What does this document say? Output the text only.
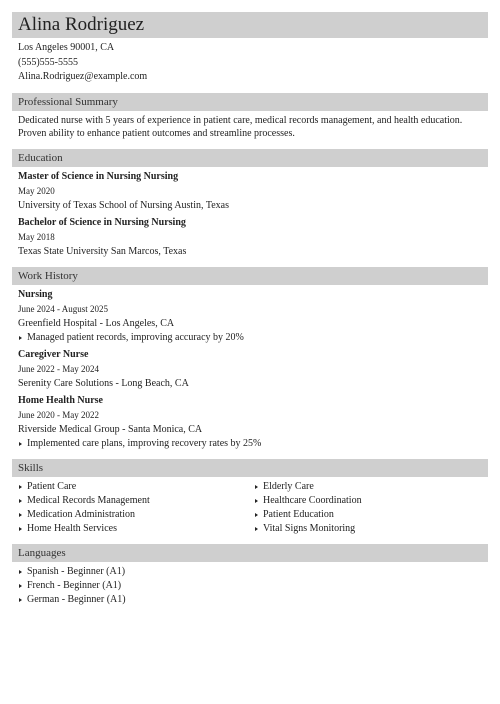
Alina Rodriguez
Los Angeles 90001, CA
(555)555-5555
Alina.Rodriguez@example.com
Professional Summary
Dedicated nurse with 5 years of experience in patient care, medical records management, and health education. Proven ability to enhance patient outcomes and streamline processes.
Education
Master of Science in Nursing Nursing
May 2020
University of Texas School of Nursing Austin, Texas
Bachelor of Science in Nursing Nursing
May 2018
Texas State University San Marcos, Texas
Work History
Nursing
June 2024 - August 2025
Greenfield Hospital - Los Angeles, CA
Managed patient records, improving accuracy by 20%
Caregiver Nurse
June 2022 - May 2024
Serenity Care Solutions - Long Beach, CA
Home Health Nurse
June 2020 - May 2022
Riverside Medical Group - Santa Monica, CA
Implemented care plans, improving recovery rates by 25%
Skills
Patient Care
Medical Records Management
Medication Administration
Home Health Services
Elderly Care
Healthcare Coordination
Patient Education
Vital Signs Monitoring
Languages
Spanish - Beginner (A1)
French - Beginner (A1)
German - Beginner (A1)
